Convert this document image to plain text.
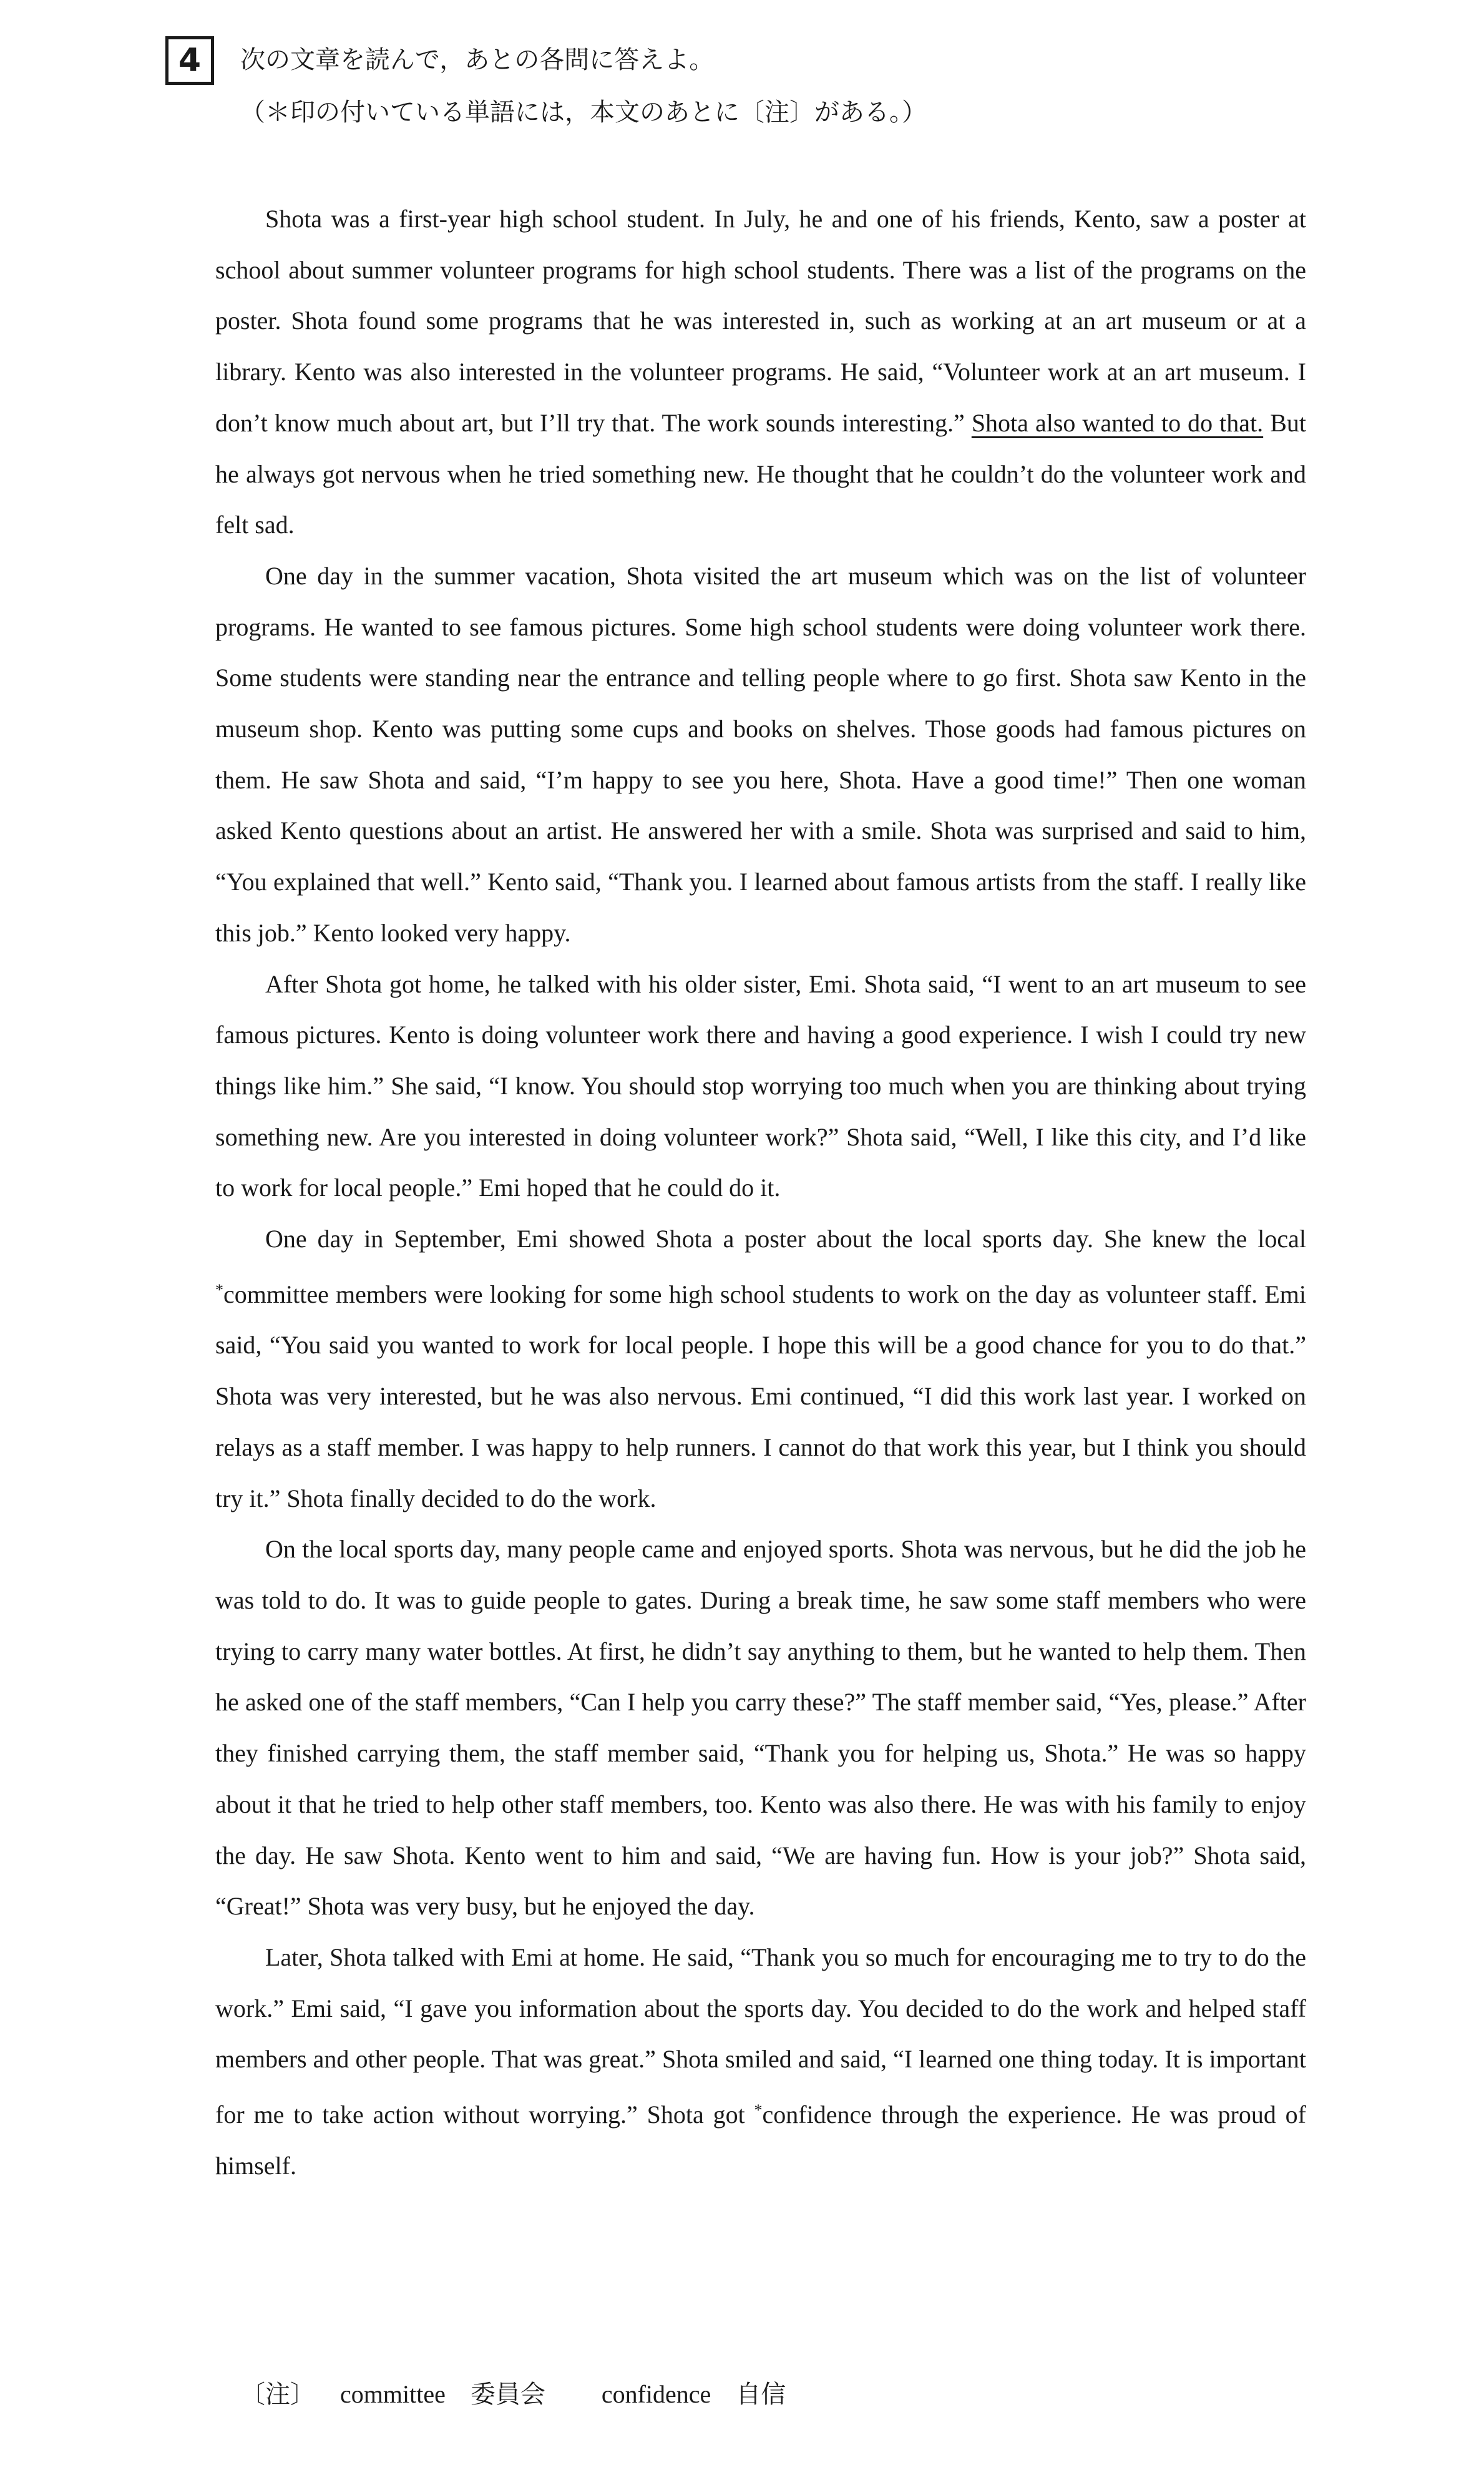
4	次の文章を読んで，あとの各問に答えよ。
（＊印の付いている単語には，本文のあとに〔注〕がある。）

Shota was a first-year high school student. In July, he and one of his friends, Kento, saw a poster at school about summer volunteer programs for high school students. There was a list of the programs on the poster. Shota found some programs that he was interested in, such as working at an art museum or at a library. Kento was also interested in the volunteer programs. He said, “Volunteer work at an art museum. I don’t know much about art, but I’ll try that. The work sounds interesting.” Shota also wanted to do that. But he always got nervous when he tried something new. He thought that he couldn’t do the volunteer work and felt sad.

One day in the summer vacation, Shota visited the art museum which was on the list of volunteer programs. He wanted to see famous pictures. Some high school students were doing volunteer work there. Some students were standing near the entrance and telling people where to go first. Shota saw Kento in the museum shop. Kento was putting some cups and books on shelves. Those goods had famous pictures on them. He saw Shota and said, “I’m happy to see you here, Shota. Have a good time!” Then one woman asked Kento questions about an artist. He answered her with a smile. Shota was surprised and said to him, “You explained that well.” Kento said, “Thank you. I learned about famous artists from the staff. I really like this job.” Kento looked very happy.

After Shota got home, he talked with his older sister, Emi. Shota said, “I went to an art museum to see famous pictures. Kento is doing volunteer work there and having a good experience. I wish I could try new things like him.” She said, “I know. You should stop worrying too much when you are thinking about trying something new. Are you interested in doing volunteer work?” Shota said, “Well, I like this city, and I’d like to work for local people.” Emi hoped that he could do it.

One day in September, Emi showed Shota a poster about the local sports day. She knew the local *committee members were looking for some high school students to work on the day as volunteer staff. Emi said, “You said you wanted to work for local people. I hope this will be a good chance for you to do that.” Shota was very interested, but he was also nervous. Emi continued, “I did this work last year. I worked on relays as a staff member. I was happy to help runners. I cannot do that work this year, but I think you should try it.” Shota finally decided to do the work.

On the local sports day, many people came and enjoyed sports. Shota was nervous, but he did the job he was told to do. It was to guide people to gates. During a break time, he saw some staff members who were trying to carry many water bottles. At first, he didn’t say anything to them, but he wanted to help them. Then he asked one of the staff members, “Can I help you carry these?” The staff member said, “Yes, please.” After they finished carrying them, the staff member said, “Thank you for helping us, Shota.” He was so happy about it that he tried to help other staff members, too. Kento was also there. He was with his family to enjoy the day. He saw Shota. Kento went to him and said, “We are having fun. How is your job?” Shota said, “Great!” Shota was very busy, but he enjoyed the day.

Later, Shota talked with Emi at home. He said, “Thank you so much for encouraging me to try to do the work.” Emi said, “I gave you information about the sports day. You decided to do the work and helped staff members and other people. That was great.” Shota smiled and said, “I learned one thing today. It is important for me to take action without worrying.” Shota got *confidence through the experience. He was proud of himself.

〔注〕 committee 委員会 confidence 自信
